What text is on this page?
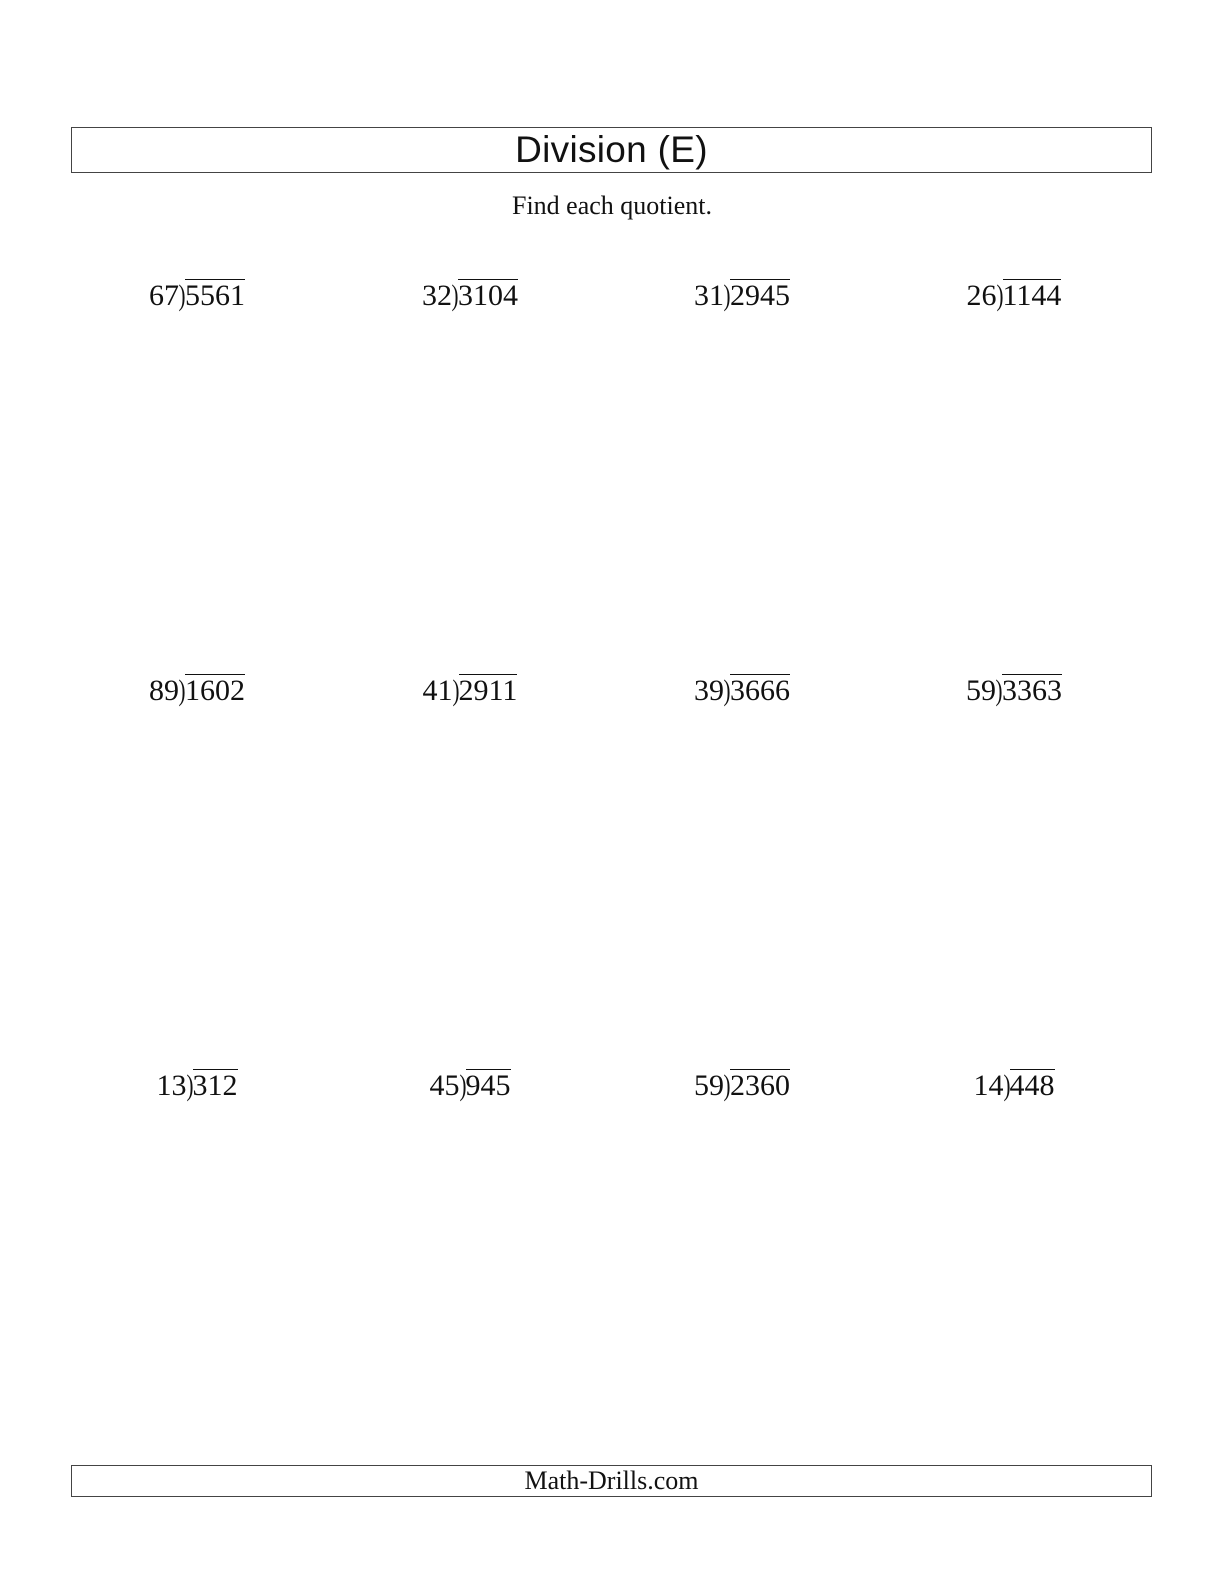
Division (E)
Find each quotient.
67)5561	32)3104	31)2945	26)1144
89)1602	41)2911	39)3666	59)3363
13)312	45)945	59)2360	14)448
Math-Drills.com
